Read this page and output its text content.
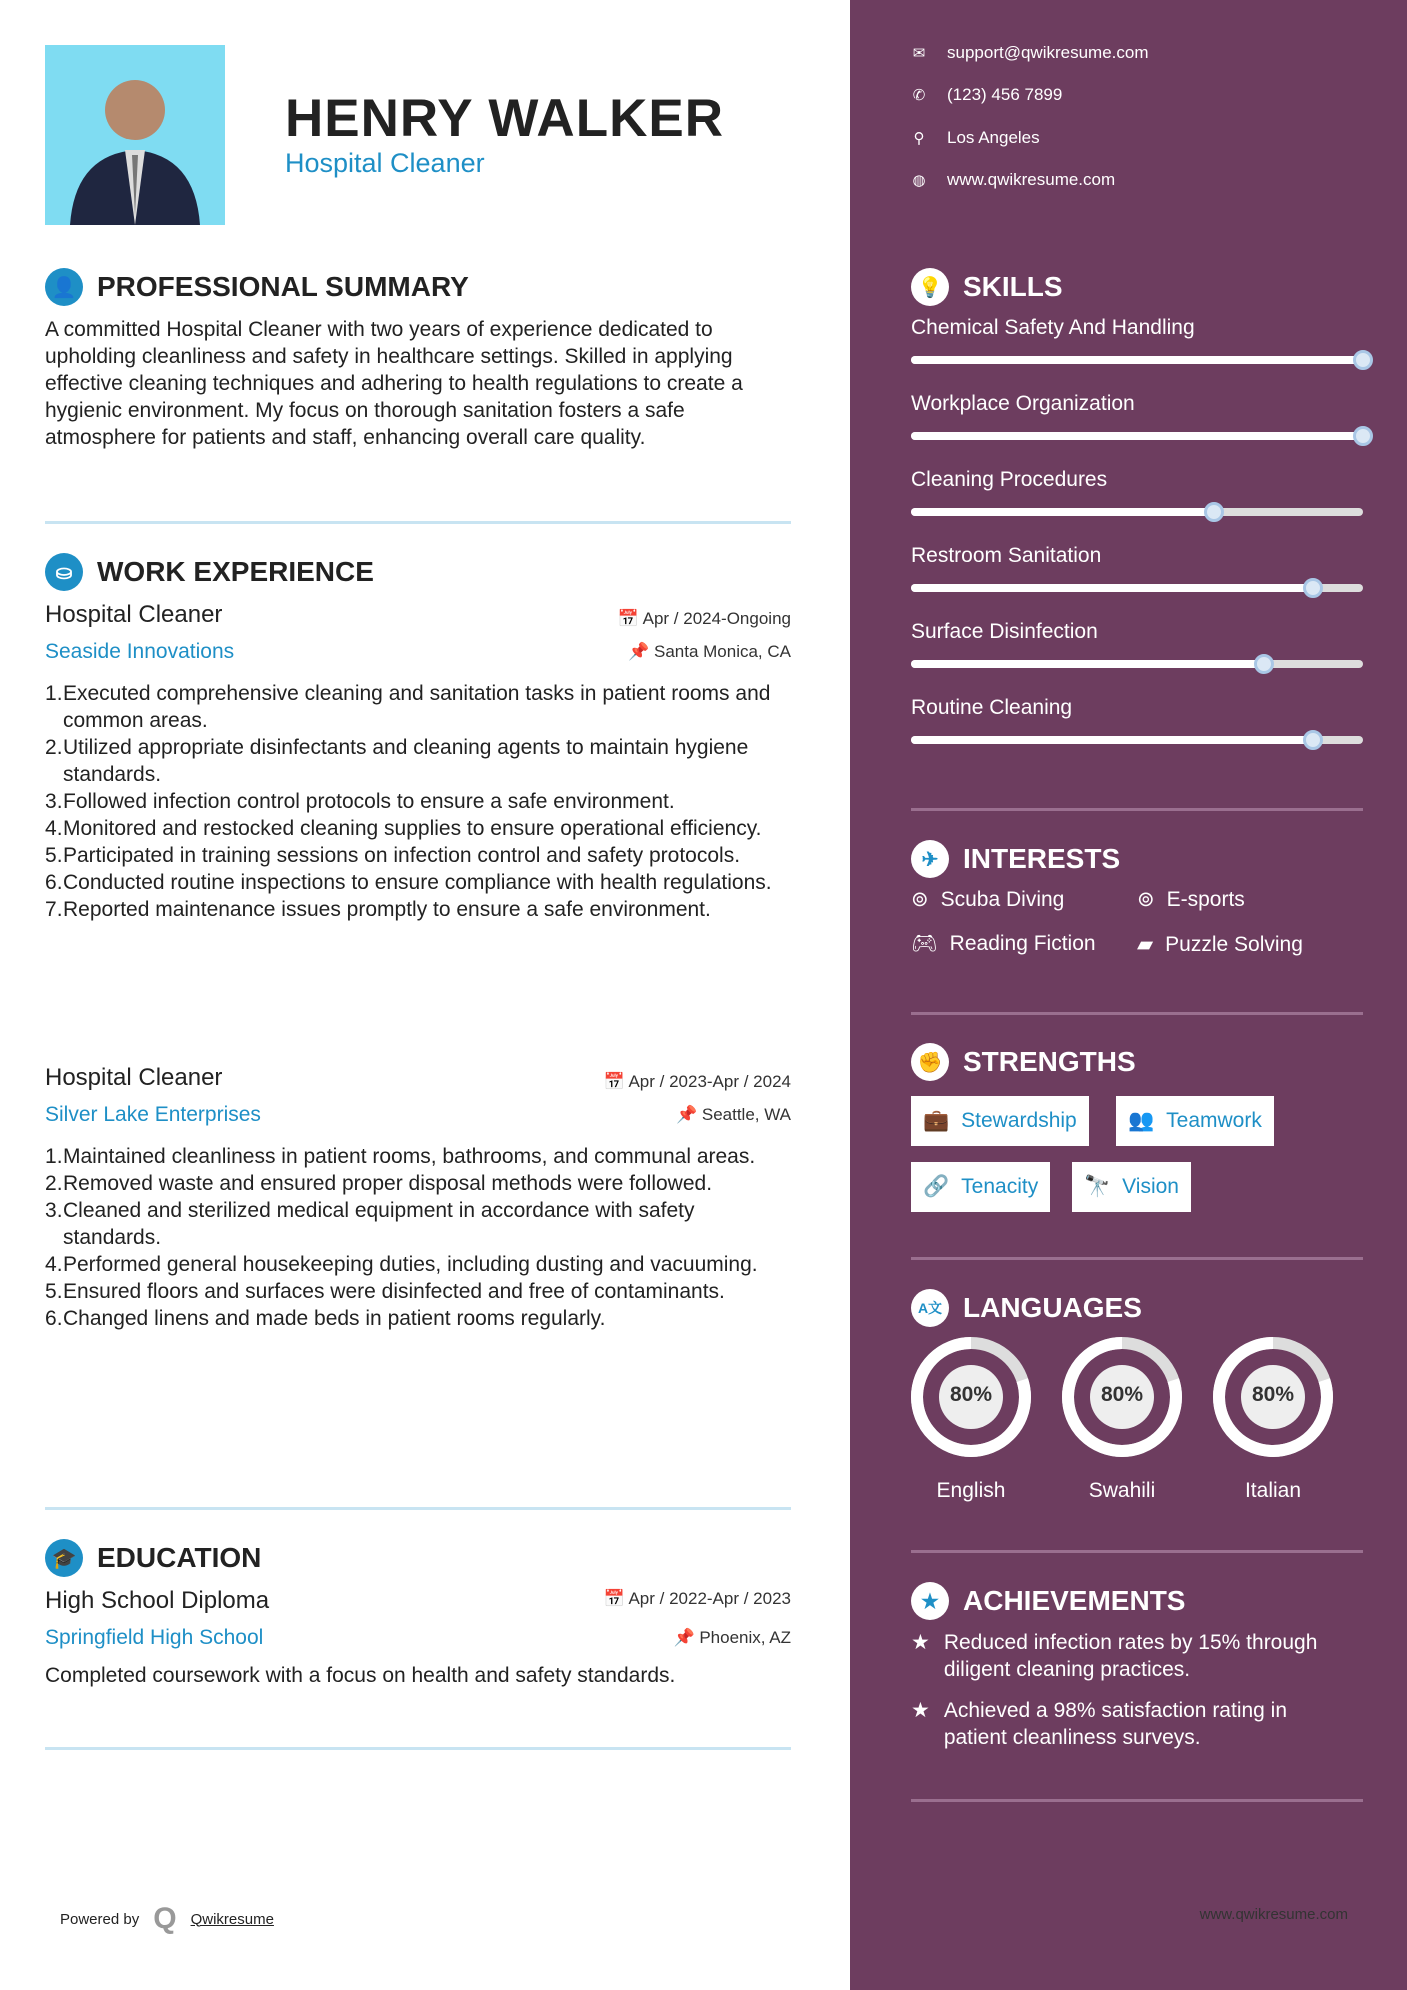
HENRY WALKER
Hospital Cleaner
👤 PROFESSIONAL SUMMARY
A committed Hospital Cleaner with two years of experience dedicated to upholding cleanliness and safety in healthcare settings. Skilled in applying effective cleaning techniques and adhering to health regulations to create a hygienic environment. My focus on thorough sanitation fosters a safe atmosphere for patients and staff, enhancing overall care quality.
⛀ WORK EXPERIENCE
Hospital Cleaner	📅 Apr / 2024-Ongoing
Seaside Innovations	📌 Santa Monica, CA
Executed comprehensive cleaning and sanitation tasks in patient rooms and common areas.
Utilized appropriate disinfectants and cleaning agents to maintain hygiene standards.
Followed infection control protocols to ensure a safe environment.
Monitored and restocked cleaning supplies to ensure operational efficiency.
Participated in training sessions on infection control and safety protocols.
Conducted routine inspections to ensure compliance with health regulations.
Reported maintenance issues promptly to ensure a safe environment.
Hospital Cleaner	📅 Apr / 2023-Apr / 2024
Silver Lake Enterprises	📌 Seattle, WA
Maintained cleanliness in patient rooms, bathrooms, and communal areas.
Removed waste and ensured proper disposal methods were followed.
Cleaned and sterilized medical equipment in accordance with safety standards.
Performed general housekeeping duties, including dusting and vacuuming.
Ensured floors and surfaces were disinfected and free of contaminants.
Changed linens and made beds in patient rooms regularly.
🎓 EDUCATION
High School Diploma	📅 Apr / 2022-Apr / 2023
Springfield High School	📌 Phoenix, AZ
Completed coursework with a focus on health and safety standards.
Powered by Q Qwikresume
✉ support@qwikresume.com
✆ (123) 456 7899
⚲ Los Angeles
◍ www.qwikresume.com
💡 SKILLS
Chemical Safety And Handling
Workplace Organization
Cleaning Procedures
Restroom Sanitation
Surface Disinfection
Routine Cleaning
✈ INTERESTS
⊚ Scuba Diving	⊚ E-sports
🎮︎ Reading Fiction ▰ Puzzle Solving
✊ STRENGTHS
💼 Stewardship 👥 Teamwork
🔗 Tenacity 🔭 Vision
A文 LANGUAGES
80%
English
80%
Swahili
80%
Italian
★ ACHIEVEMENTS
★ Reduced infection rates by 15% through diligent cleaning practices.
★ Achieved a 98% satisfaction rating in patient cleanliness surveys.
www.qwikresume.com
